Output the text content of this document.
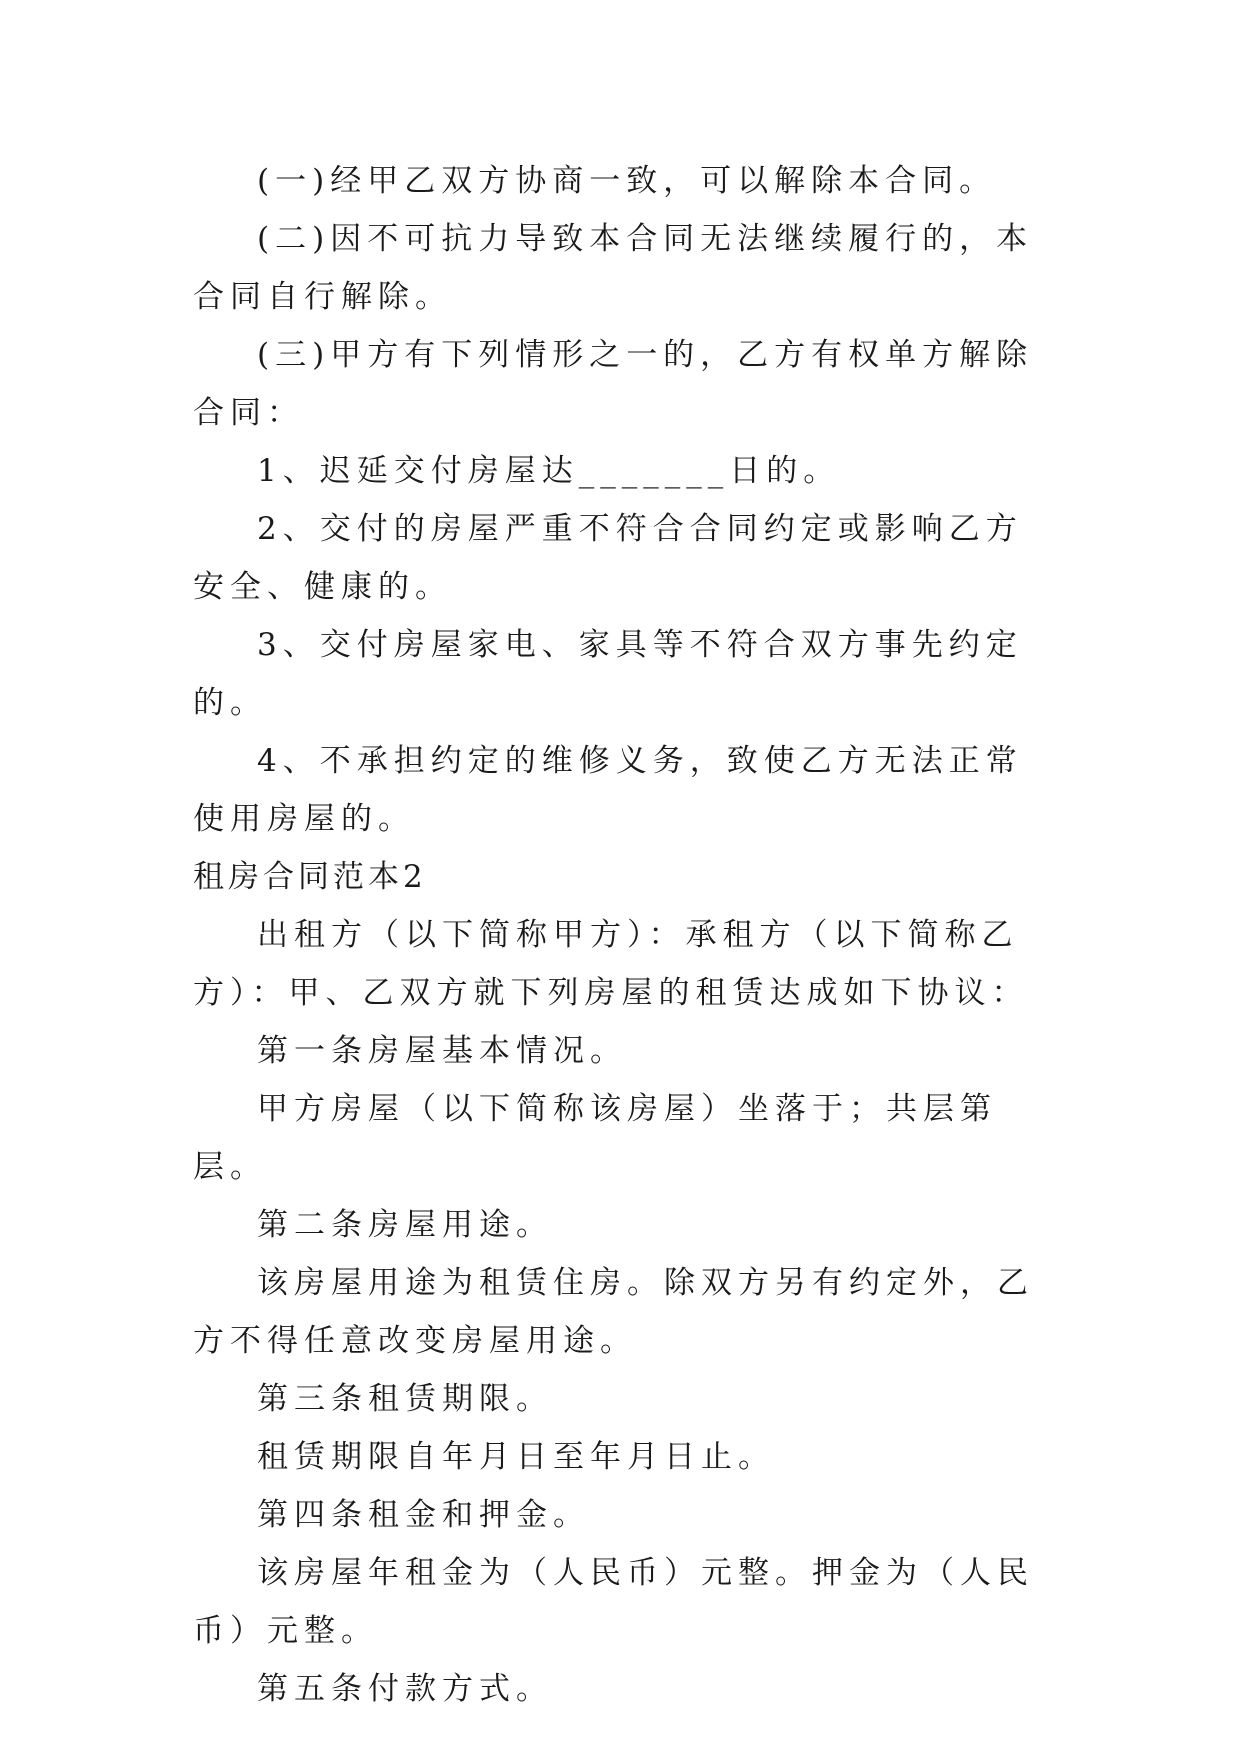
(一)经甲乙双方协商一致，可以解除本合同。

(二)因不可抗力导致本合同无法继续履行的，本合同自行解除。

(三)甲方有下列情形之一的，乙方有权单方解除合同：

1、迟延交付房屋达_______日的。

2、交付的房屋严重不符合合同约定或影响乙方安全、健康的。

3、交付房屋家电、家具等不符合双方事先约定的。

4、不承担约定的维修义务，致使乙方无法正常使用房屋的。

租房合同范本2

出租方（以下简称甲方）：承租方（以下简称乙方）：甲、乙双方就下列房屋的租赁达成如下协议：

第一条房屋基本情况。

甲方房屋（以下简称该房屋）坐落于；共层第层。

第二条房屋用途。

该房屋用途为租赁住房。除双方另有约定外，乙方不得任意改变房屋用途。

第三条租赁期限。

租赁期限自年月日至年月日止。

第四条租金和押金。

该房屋年租金为（人民币）元整。押金为（人民币）元整。

第五条付款方式。
